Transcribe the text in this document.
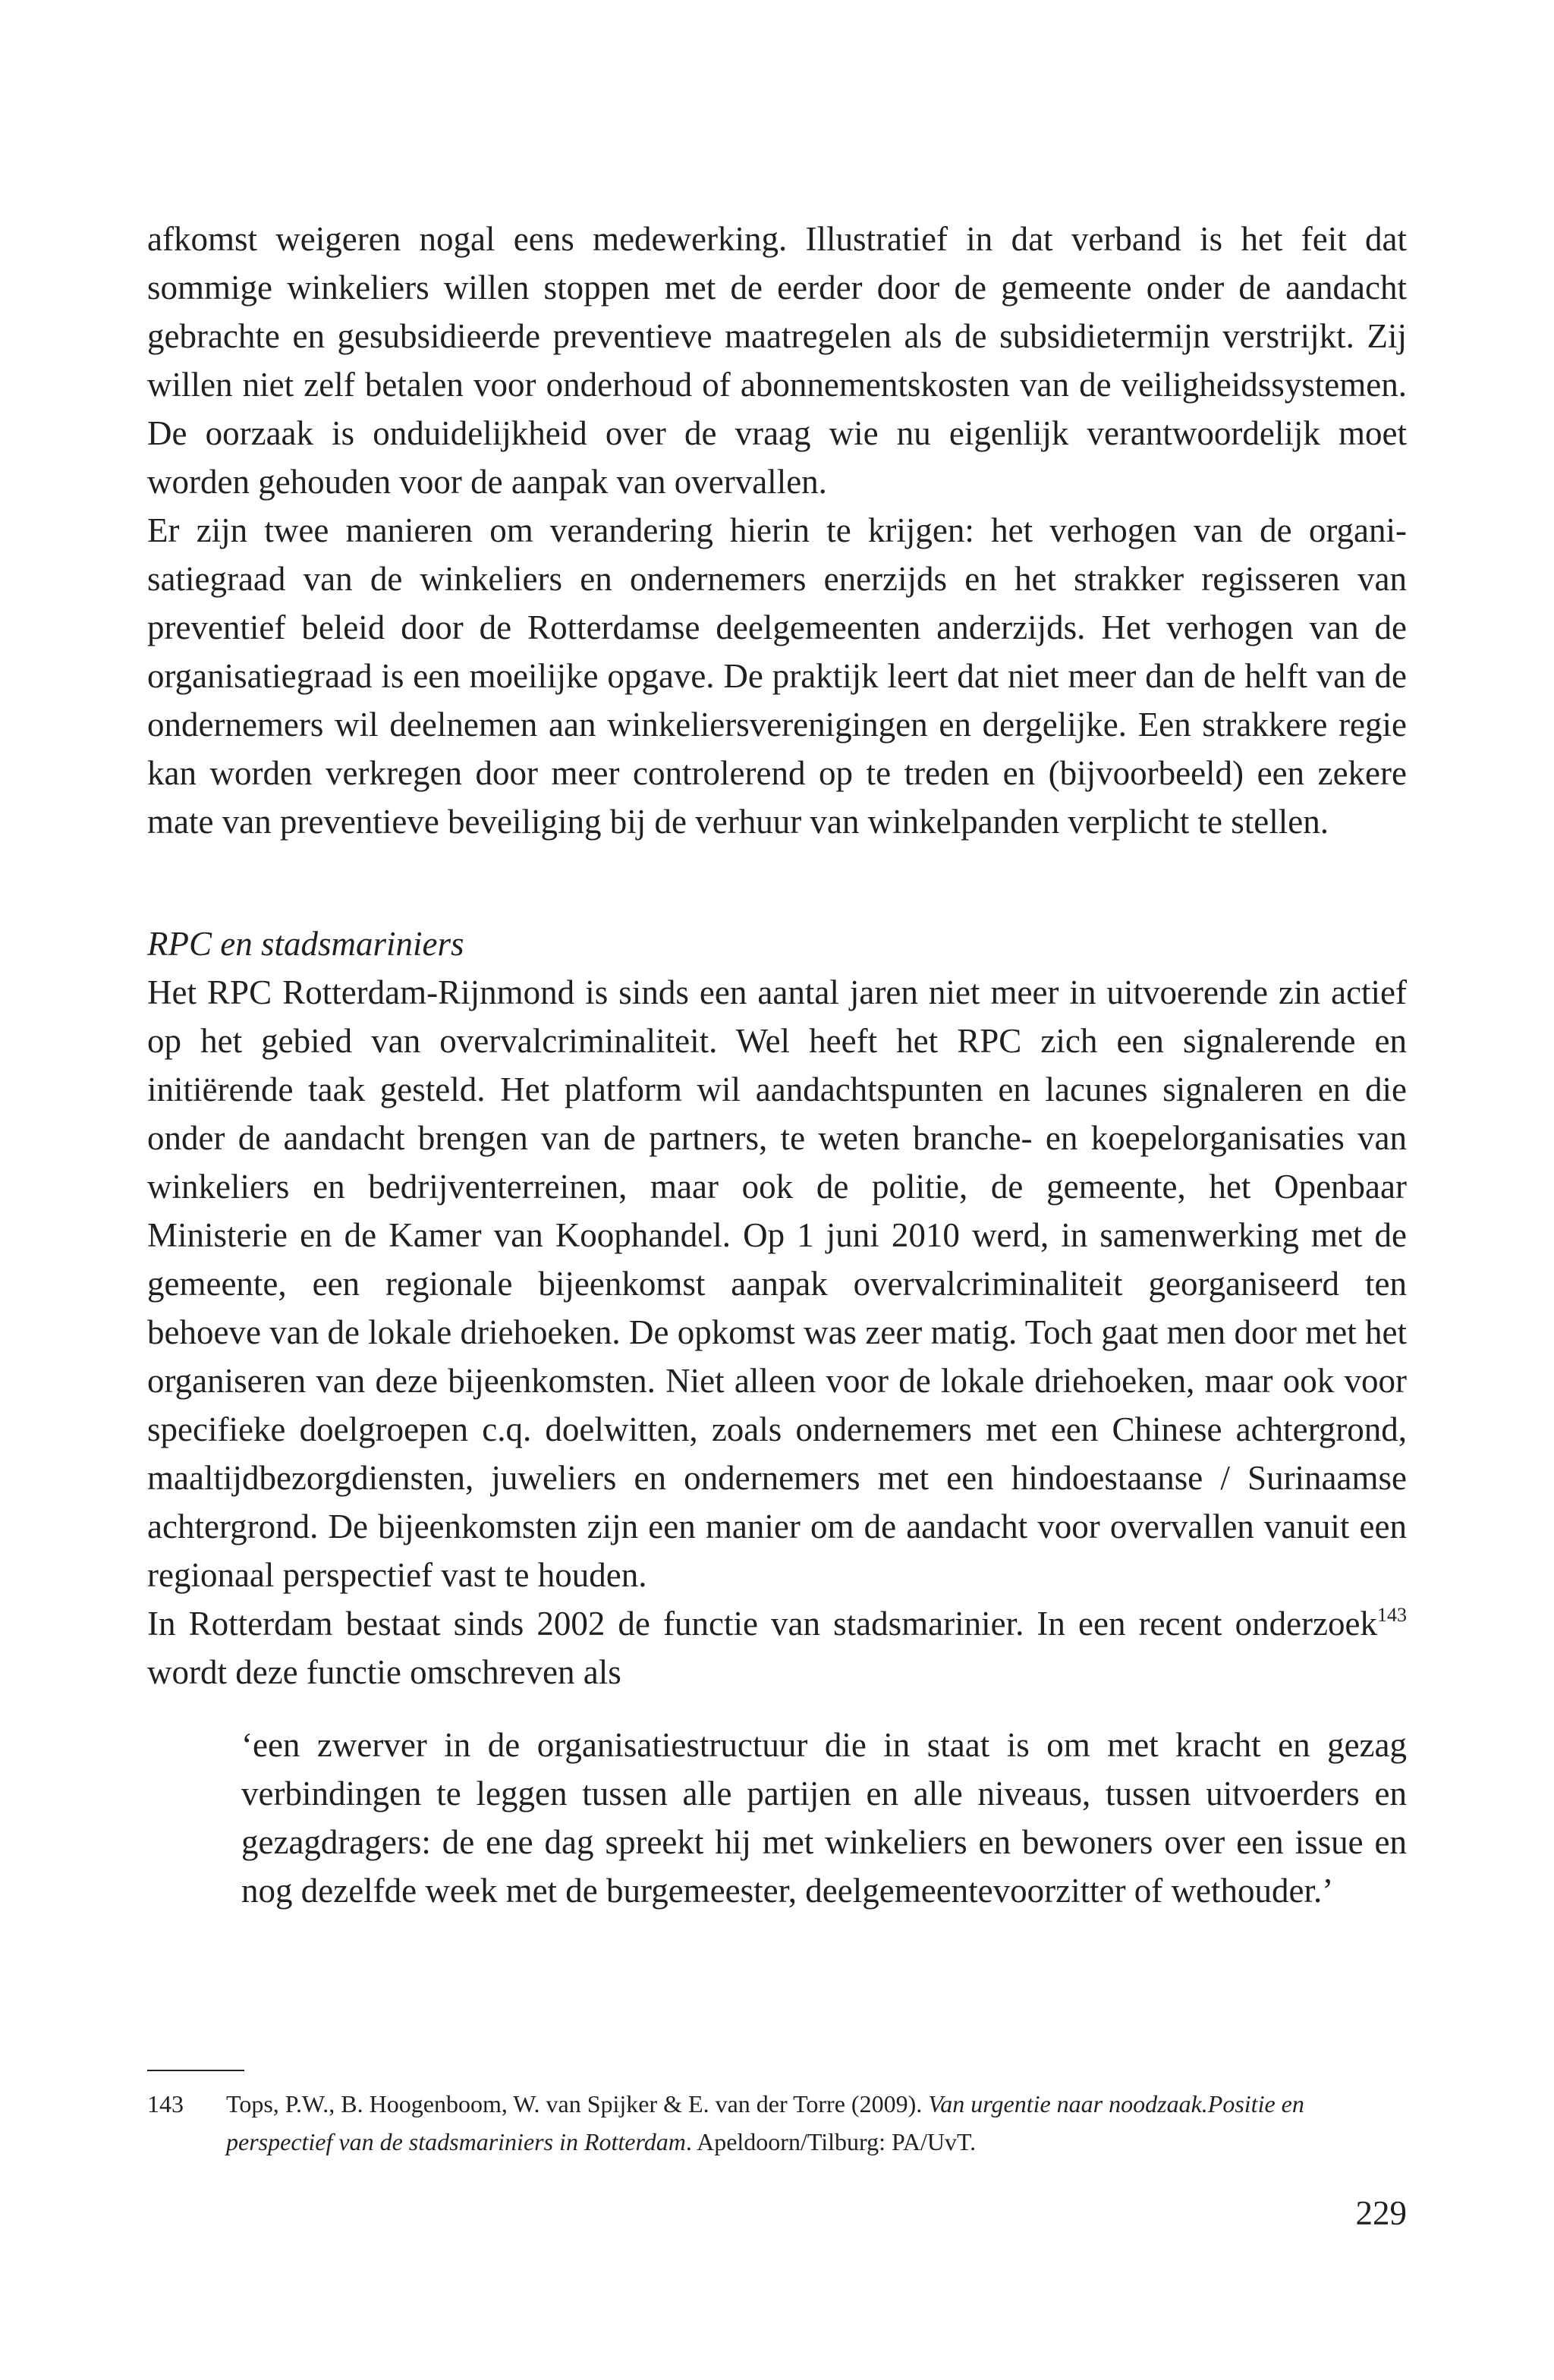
afkomst weigeren nogal eens medewerking. Illustratief in dat verband is het feit dat sommige winkeliers willen stoppen met de eerder door de gemeente onder de aandacht gebrachte en gesubsidieerde preventieve maatregelen als de subsidietermijn verstrijkt. Zij willen niet zelf betalen voor onderhoud of abonnementskosten van de veiligheidssystemen. De oorzaak is onduidelijkheid over de vraag wie nu eigenlijk verantwoordelijk moet worden gehouden voor de aanpak van overvallen.

Er zijn twee manieren om verandering hierin te krijgen: het verhogen van de organisatiegraad van de winkeliers en ondernemers enerzijds en het strakker regisseren van preventief beleid door de Rotterdamse deelgemeenten anderzijds. Het verhogen van de organisatiegraad is een moeilijke opgave. De praktijk leert dat niet meer dan de helft van de ondernemers wil deelnemen aan winkeliersverenigingen en dergelijke. Een strakkere regie kan worden verkregen door meer controlerend op te treden en (bijvoorbeeld) een zekere mate van preventieve beveiliging bij de verhuur van winkelpanden verplicht te stellen.

RPC en stadsmariniers

Het RPC Rotterdam-Rijnmond is sinds een aantal jaren niet meer in uitvoerende zin actief op het gebied van overvalcriminaliteit. Wel heeft het RPC zich een signalerende en initiërende taak gesteld. Het platform wil aandachtspunten en lacunes signaleren en die onder de aandacht brengen van de partners, te weten branche- en koepelorganisaties van winkeliers en bedrijventerreinen, maar ook de politie, de gemeente, het Openbaar Ministerie en de Kamer van Koophandel. Op 1 juni 2010 werd, in samenwerking met de gemeente, een regionale bijeenkomst aanpak overvalcriminaliteit georganiseerd ten behoeve van de lokale driehoeken. De opkomst was zeer matig. Toch gaat men door met het organiseren van deze bijeenkomsten. Niet alleen voor de lokale driehoeken, maar ook voor specifieke doelgroepen c.q. doelwitten, zoals ondernemers met een Chinese achtergrond, maaltijdbezorgdiensten, juweliers en ondernemers met een hindoestaanse / Surinaamse achtergrond. De bijeenkomsten zijn een manier om de aandacht voor overvallen vanuit een regionaal perspectief vast te houden.

In Rotterdam bestaat sinds 2002 de functie van stadsmarinier. In een recent onderzoek$^{143}$ wordt deze functie omschreven als

‘een zwerver in de organisatiestructuur die in staat is om met kracht en gezag verbindingen te leggen tussen alle partijen en alle niveaus, tussen uitvoerders en gezagdragers: de ene dag spreekt hij met winkeliers en bewoners over een issue en nog dezelfde week met de burgemeester, deelgemeentevoorzitter of wethouder.’

143 Tops, P.W., B. Hoogenboom, W. van Spijker & E. van der Torre (2009). Van urgentie naar noodzaak.Positie en perspectief van de stadsmariniers in Rotterdam. Apeldoorn/Tilburg: PA/UvT.
229
